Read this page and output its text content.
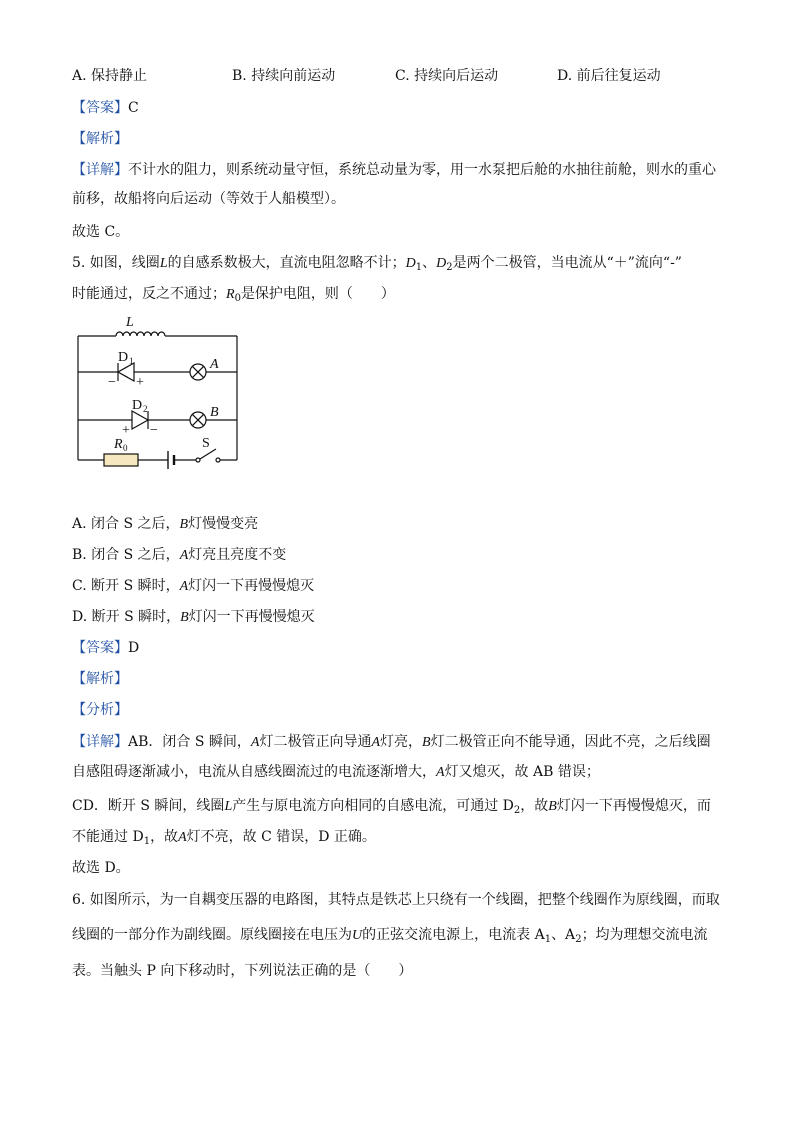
A. 保持静止	B. 持续向前运动	C. 持续向后运动	D. 前后往复运动
【答案】C
【解析】
【详解】不计水的阻力，则系统动量守恒，系统总动量为零，用一水泵把后舱的水抽往前舱，则水的重心
前移，故船将向后运动（等效于人船模型）。
故选 C。
5. 如图，线圈L的自感系数极大，直流电阻忽略不计；$D_1$、$D_2$是两个二极管，当电流从“＋”流向“-”
时能通过，反之不通过；$R_0$是保护电阻，则（　　）
L
D 1	A
− +
D 2	B
+ −
R 0	S
A. 闭合 S 之后，B灯慢慢变亮
B. 闭合 S 之后，A灯亮且亮度不变
C. 断开 S 瞬时，A灯闪一下再慢慢熄灭
D. 断开 S 瞬时，B灯闪一下再慢慢熄灭
【答案】D
【解析】
【分析】
【详解】AB．闭合 S 瞬间，A灯二极管正向导通A灯亮，B灯二极管正向不能导通，因此不亮，之后线圈
自感阻碍逐渐减小，电流从自感线圈流过的电流逐渐增大，A灯又熄灭，故 AB 错误；
CD．断开 S 瞬间，线圈L产生与原电流方向相同的自感电流，可通过 $D_2$，故B灯闪一下再慢慢熄灭，而
不能通过 $D_1$，故A灯不亮，故 C 错误，D 正确。
故选 D。
6. 如图所示，为一自耦变压器的电路图，其特点是铁芯上只绕有一个线圈，把整个线圈作为原线圈，而取
线圈的一部分作为副线圈。原线圈接在电压为U的正弦交流电源上，电流表 $A_1$、$A_2$；均为理想交流电流
表。当触头 P 向下移动时，下列说法正确的是（　　）
